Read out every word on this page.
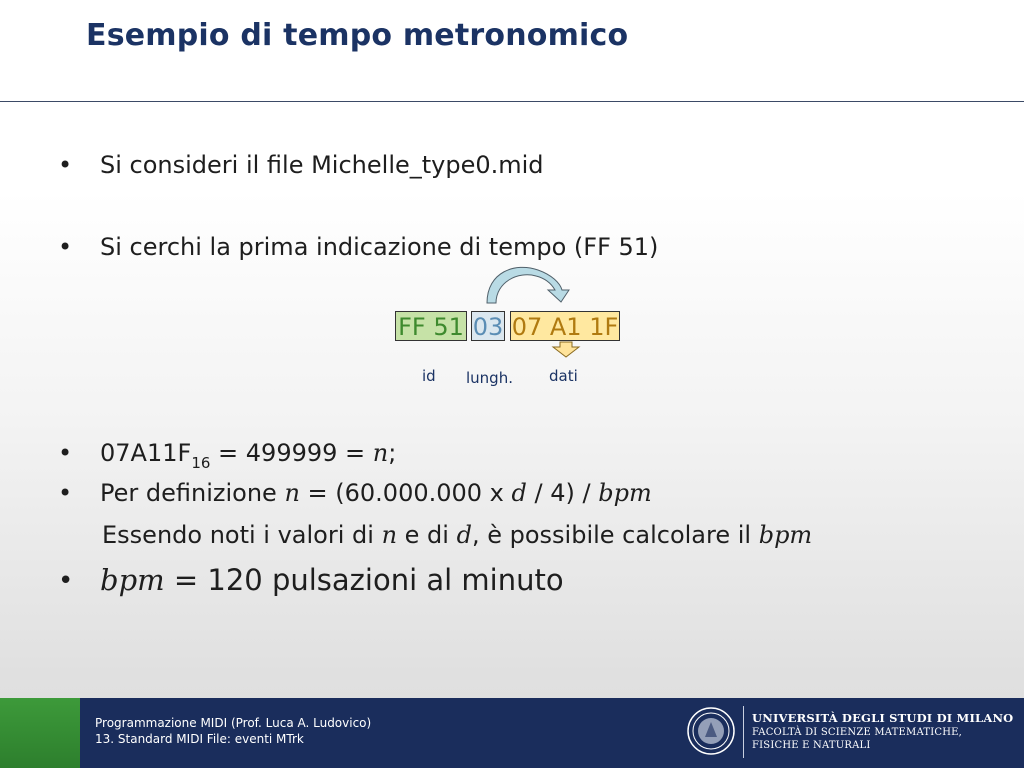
Esempio di tempo metronomico
• Si consideri il file Michelle_type0.mid
• Si cerchi la prima indicazione di tempo (FF 51)
FF 51 03 07 A1 1F
id lungh. dati
• $07A11F_{16} = 499999 = n$;
• Per definizione n = (60.000.000 x d / 4) / bpm
Essendo noti i valori di n e di d, è possibile calcolare il bpm
• bpm = 120 pulsazioni al minuto
Programmazione MIDI (Prof. Luca A. Ludovico)
13. Standard MIDI File: eventi MTrk
UNIVERSITÀ DEGLI STUDI DI MILANO
FACOLTÀ DI SCIENZE MATEMATICHE,
FISICHE E NATURALI
